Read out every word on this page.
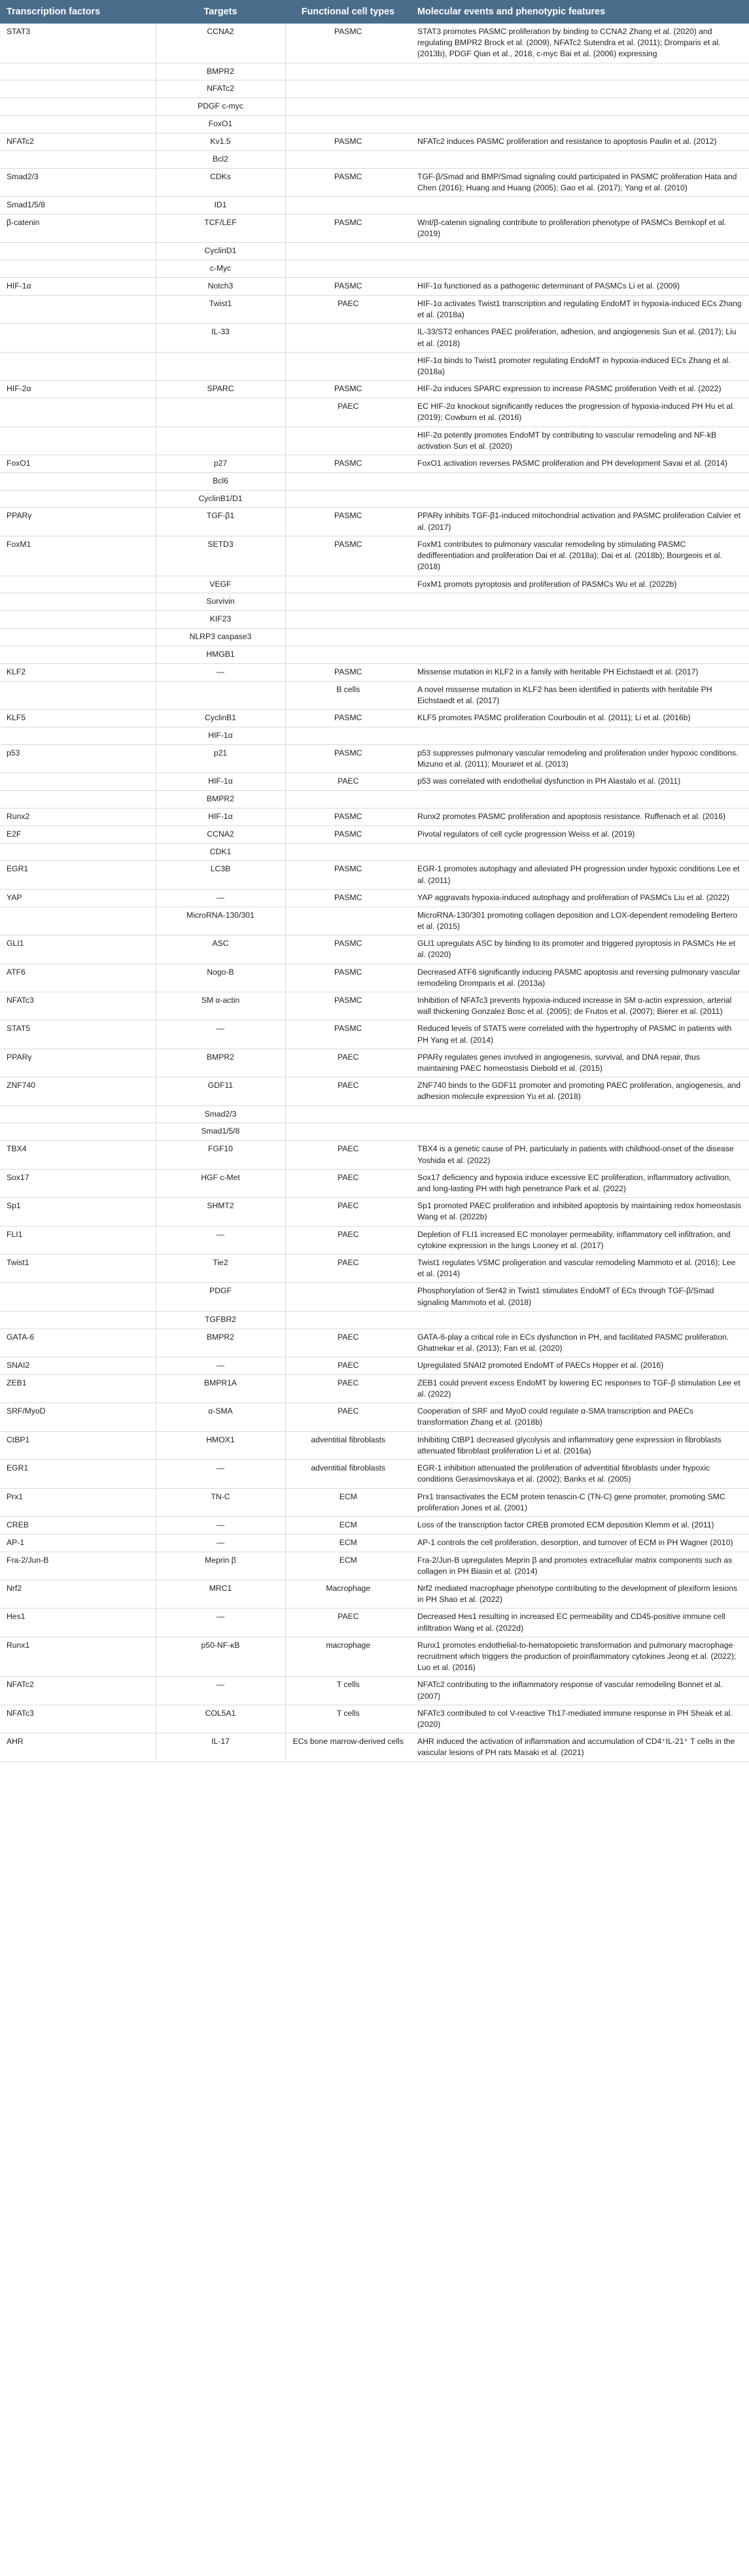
Transcription factors	Targets	Functional cell types	Molecular events and phenotypic features
STAT3	CCNA2	PASMC	STAT3 promotes PASMC proliferation by binding to CCNA2 Zhang et al. (2020) and regulating BMPR2 Brock et al. (2009), NFATc2 Sutendra et al. (2011); Dromparis et al. (2013b), PDGF Qian et al., 2018, c-myc Bai et al. (2006) expressing
	BMPR2		
	NFATc2		
	PDGF c-myc		
	FoxO1		
NFATc2	Kv1.5	PASMC	NFATc2 induces PASMC proliferation and resistance to apoptosis Paulin et al. (2012)
	Bcl2		
Smad2/3	CDKs	PASMC	TGF-β/Smad and BMP/Smad signaling could participated in PASMC proliferation Hata and Chen (2016); Huang and Huang (2005); Gao et al. (2017); Yang et al. (2010)
Smad1/5/8	ID1		
β-catenin	TCF/LEF	PASMC	Wnt/β-catenin signaling contribute to proliferation phenotype of PASMCs Bernkopf et al. (2019)
	CyclinD1		
	c-Myc		
HIF-1α	Notch3	PASMC	HIF-1α functioned as a pathogenic determinant of PASMCs Li et al. (2009)
	Twist1	PAEC	HIF-1α activates Twist1 transcription and regulating EndoMT in hypoxia-induced ECs Zhang et al. (2018a)
	IL-33		IL-33/ST2 enhances PAEC proliferation, adhesion, and angiogenesis Sun et al. (2017); Liu et al. (2018)
			HIF-1α binds to Twist1 promoter regulating EndoMT in hypoxia-induced ECs Zhang et al. (2018a)
HIF-2α	SPARC	PASMC	HIF-2α induces SPARC expression to increase PASMC proliferation Veith et al. (2022)
		PAEC	EC HIF-2α knockout significantly reduces the progression of hypoxia-induced PH Hu et al. (2019); Cowburn et al. (2016)
			HIF-2α potently promotes EndoMT by contributing to vascular remodeling and NF-kB activation Sun et al. (2020)
FoxO1	p27	PASMC	FoxO1 activation reverses PASMC proliferation and PH development Savai et al. (2014)
	Bcl6		
	CyclinB1/D1		
PPARγ	TGF-β1	PASMC	PPARγ inhibits TGF-β1-induced mitochondrial activation and PASMC proliferation Calvier et al. (2017)
FoxM1	SETD3	PASMC	FoxM1 contributes to pulmonary vascular remodeling by stimulating PASMC dedifferentiation and proliferation Dai et al. (2018a); Dai et al. (2018b); Bourgeois et al. (2018)
	VEGF		FoxM1 promots pyroptosis and proliferation of PASMCs Wu et al. (2022b)
	Survivin		
	KIF23		
	NLRP3 caspase3		
	HMGB1		
KLF2	—	PASMC	Missense mutation in KLF2 in a family with heritable PH Eichstaedt et al. (2017)
		B cells	A novel missense mutation in KLF2 has been identified in patients with heritable PH Eichstaedt et al. (2017)
KLF5	CyclinB1	PASMC	KLF5 promotes PASMC proliferation Courboulin et al. (2011); Li et al. (2016b)
	HIF-1α		
p53	p21	PASMC	p53 suppresses pulmonary vascular remodeling and proliferation under hypoxic conditions. Mizuno et al. (2011); Mouraret et al. (2013)
	HIF-1α	PAEC	p53 was correlated with endothelial dysfunction in PH Alastalo et al. (2011)
	BMPR2		
Runx2	HIF-1α	PASMC	Runx2 promotes PASMC proliferation and apoptosis resistance. Ruffenach et al. (2016)
E2F	CCNA2	PASMC	Pivotal regulators of cell cycle progression Weiss et al. (2019)
	CDK1		
EGR1	LC3B	PASMC	EGR-1 promotes autophagy and alleviated PH progression under hypoxic conditions Lee et al. (2011)
YAP	—	PASMC	YAP aggravats hypoxia-induced autophagy and proliferation of PASMCs Liu et al. (2022)
	MicroRNA-130/301		MicroRNA-130/301 promoting collagen deposition and LOX-dependent remodeling Bertero et al. (2015)
GLI1	ASC	PASMC	GLI1 upregulats ASC by binding to its promoter and triggered pyroptosis in PASMCs He et al. (2020)
ATF6	Nogo-B	PASMC	Decreased ATF6 significantly inducing PASMC apoptosis and reversing pulmonary vascular remodeling Dromparis et al. (2013a)
NFATc3	SM α-actin	PASMC	Inhibition of NFATc3 prevents hypoxia-induced increase in SM α-actin expression, arterial wall thickening Gonzalez Bosc et al. (2005); de Frutos et al. (2007); Bierer et al. (2011)
STAT5	—	PASMC	Reduced levels of STAT5 were correlated with the hypertrophy of PASMC in patients with PH Yang et al. (2014)
PPARγ	BMPR2	PAEC	PPARγ regulates genes involved in angiogenesis, survival, and DNA repair, thus maintaining PAEC homeostasis Diebold et al. (2015)
ZNF740	GDF11	PAEC	ZNF740 binds to the GDF11 promoter and promoting PAEC proliferation, angiogenesis, and adhesion molecule expression Yu et al. (2018)
	Smad2/3		
	Smad1/5/8		
TBX4	FGF10	PAEC	TBX4 is a genetic cause of PH, particularly in patients with childhood-onset of the disease Yoshida et al. (2022)
Sox17	HGF c-Met	PAEC	Sox17 deficiency and hypoxia induce excessive EC proliferation, inflammatory activation, and long-lasting PH with high penetrance Park et al. (2022)
Sp1	SHMT2	PAEC	Sp1 promoted PAEC proliferation and inhibited apoptosis by maintaining redox homeostasis Wang et al. (2022b)
FLI1	—	PAEC	Depletion of FLI1 increased EC monolayer permeability, inflammatory cell infiltration, and cytokine expression in the lungs Looney et al. (2017)
Twist1	Tie2	PAEC	Twist1 regulates VSMC proligeration and vascular remodeling Mammoto et al. (2016); Lee et al. (2014)
	PDGF		Phosphorylation of Ser42 in Twist1 stimulates EndoMT of ECs through TGF-β/Smad signaling Mammoto et al. (2018)
	TGFBR2		
GATA-6	BMPR2	PAEC	GATA-6-play a critical role in ECs dysfunction in PH, and facilitated PASMC proliferation. Ghatnekar et al. (2013); Fan et al. (2020)
SNAI2	—	PAEC	Upregulated SNAI2 promoted EndoMT of PAECs Hopper et al. (2016)
ZEB1	BMPR1A	PAEC	ZEB1 could prevent excess EndoMT by lowering EC responses to TGF-β stimulation Lee et al. (2022)
SRF/MyoD	α-SMA	PAEC	Cooperation of SRF and MyoD could regulate α-SMA transcription and PAECs transformation Zhang et al. (2018b)
CtBP1	HMOX1	adventitial fibroblasts	Inhibiting CtBP1 decreased glycolysis and inflammatory gene expression in fibroblasts attenuated fibroblast proliferation Li et al. (2016a)
EGR1	—	adventitial fibroblasts	EGR-1 inhibition attenuated the proliferation of adventitial fibroblasts under hypoxic conditions Gerasimovskaya et al. (2002); Banks et al. (2005)
Prx1	TN-C	ECM	Prx1 transactivates the ECM protein tenascin-C (TN-C) gene promoter, promoting SMC proliferation Jones et al. (2001)
CREB	—	ECM	Loss of the transcription factor CREB promoted ECM deposition Klemm et al. (2011)
AP-1	—	ECM	AP-1 controls the cell proliferation, desorption, and turnover of ECM in PH Wagner (2010)
Fra-2/Jun-B	Meprin β	ECM	Fra-2/Jun-B upregulates Meprin β and promotes extracellular matrix components such as collagen in PH Biasin et al. (2014)
Nrf2	MRC1	Macrophage	Nrf2 mediated macrophage phenotype contributing to the development of plexiform lesions in PH Shao et al. (2022)
Hes1	—	PAEC	Decreased Hes1 resulting in increased EC permeability and CD45-positive immune cell infiltration Wang et al. (2022d)
Runx1	p50-NF-κB	macrophage	Runx1 promotes endothelial-to-hematopoietic transformation and pulmonary macrophage recruitment which triggers the production of proinflammatory cytokines Jeong et al. (2022); Luo et al. (2016)
NFATc2	—	T cells	NFATc2 contributing to the inflammatory response of vascular remodeling Bonnet et al. (2007)
NFATc3	COL5A1	T cells	NFATc3 contributed to col V-reactive Th17-mediated immune response in PH Sheak et al. (2020)
AHR	IL-17	ECs bone marrow-derived cells	AHR induced the activation of inflammation and accumulation of CD4⁺IL-21⁺ T cells in the vascular lesions of PH rats Masaki et al. (2021)
